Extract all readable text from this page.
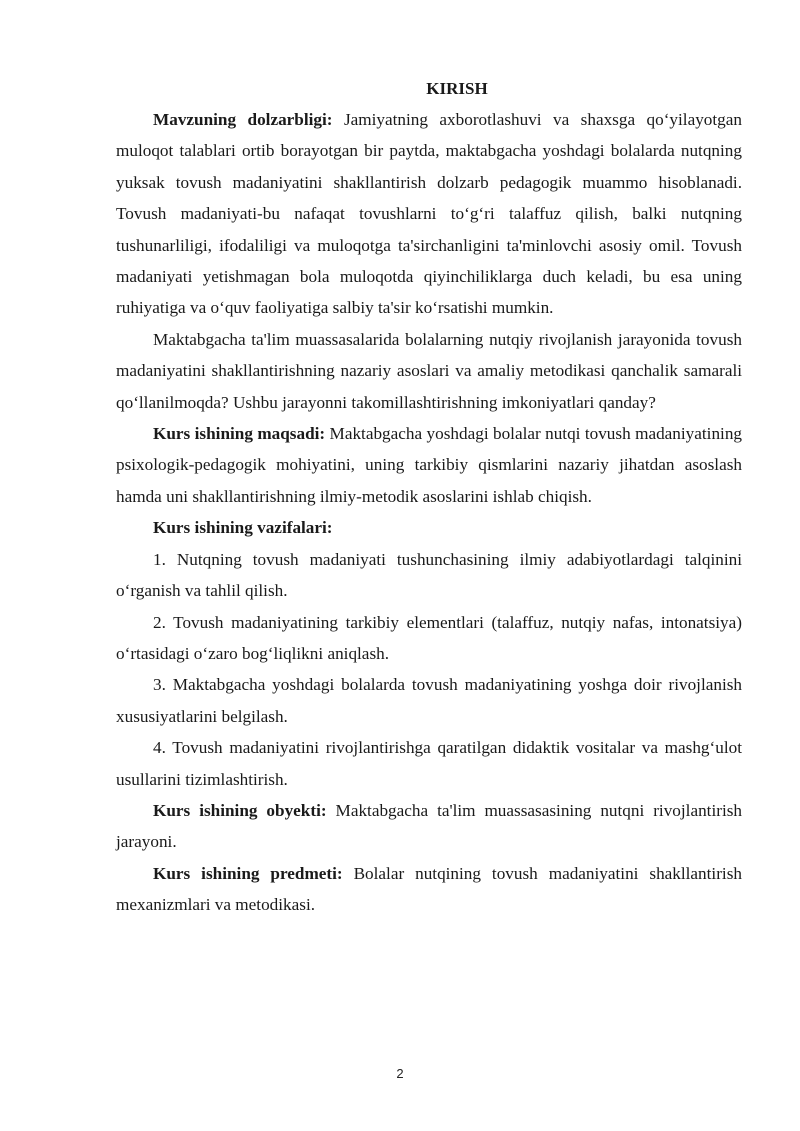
KIRISH

Mavzuning dolzarbligi: Jamiyatning axborotlashuvi va shaxsga qo‘yilayotgan muloqot talablari ortib borayotgan bir paytda, maktabgacha yoshdagi bolalarda nutqning yuksak tovush madaniyatini shakllantirish dolzarb pedagogik muammo hisoblanadi. Tovush madaniyati-bu nafaqat tovushlarni to‘g‘ri talaffuz qilish, balki nutqning tushunarliligi, ifodaliligi va muloqotga ta'sirchanligini ta'minlovchi asosiy omil. Tovush madaniyati yetishmagan bola muloqotda qiyinchiliklarga duch keladi, bu esa uning ruhiyatiga va o‘quv faoliyatiga salbiy ta'sir ko‘rsatishi mumkin.

Maktabgacha ta'lim muassasalarida bolalarning nutqiy rivojlanish jarayonida tovush madaniyatini shakllantirishning nazariy asoslari va amaliy metodikasi qanchalik samarali qo‘llanilmoqda? Ushbu jarayonni takomillashtirishning imkoniyatlari qanday?

Kurs ishining maqsadi: Maktabgacha yoshdagi bolalar nutqi tovush madaniyatining psixologik-pedagogik mohiyatini, uning tarkibiy qismlarini nazariy jihatdan asoslash hamda uni shakllantirishning ilmiy-metodik asoslarini ishlab chiqish.

Kurs ishining vazifalari:

1. Nutqning tovush madaniyati tushunchasining ilmiy adabiyotlardagi talqinini o‘rganish va tahlil qilish.

2. Tovush madaniyatining tarkibiy elementlari (talaffuz, nutqiy nafas, intonatsiya) o‘rtasidagi o‘zaro bog‘liqlikni aniqlash.

3. Maktabgacha yoshdagi bolalarda tovush madaniyatining yoshga doir rivojlanish xususiyatlarini belgilash.

4. Tovush madaniyatini rivojlantirishga qaratilgan didaktik vositalar va mashg‘ulot usullarini tizimlashtirish.

Kurs ishining obyekti: Maktabgacha ta'lim muassasasining nutqni rivojlantirish jarayoni.

Kurs ishining predmeti: Bolalar nutqining tovush madaniyatini shakllantirish mexanizmlari va metodikasi.

2
